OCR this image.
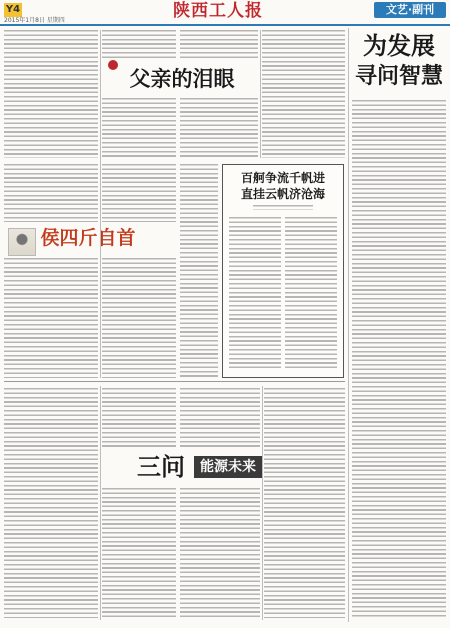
Y4	陕西工人报	文艺·副刊
2015年1月8日 星期四
父亲的泪眼
侯四斤自首
百舸争流千帆进
直挂云帆济沧海
为发展
寻问智慧
三问	能源未来
